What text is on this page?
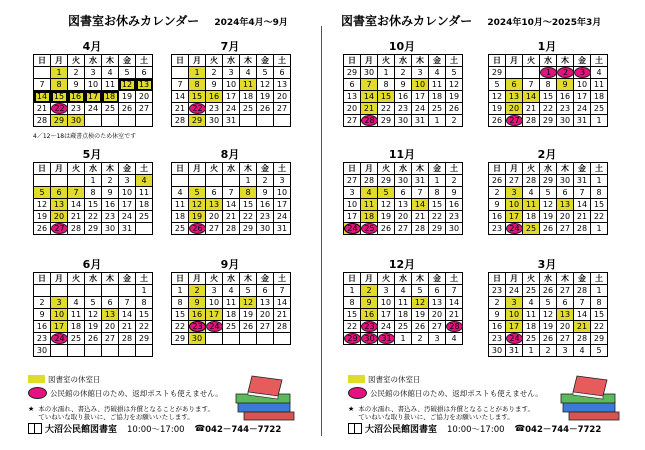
図書室お休みカレンダー 2024年4月～9月
4月
日	月	火	水	木	金	土
	1	2	3	4	5	6
7	8	9	10	11	12	13
14	15	16	17	18	19	20
21	22	23	24	25	26	27
28	29	30				
5月
日	月	火	水	木	金	土
			1	2	3	4
5	6	7	8	9	10	11
12	13	14	15	16	17	18
19	20	21	22	23	24	25
26	27	28	29	30	31	
6月
日	月	火	水	木	金	土
						1
2	3	4	5	6	7	8
9	10	11	12	13	14	15
16	17	18	19	20	21	22
23	24	25	26	27	28	29
30						
7月
日	月	火	水	木	金	土
	1	2	3	4	5	6
7	8	9	10	11	12	13
14	15	16	17	18	19	20
21	22	23	24	25	26	27
28	29	30	31			
8月
日	月	火	水	木	金	土
				1	2	3
4	5	6	7	8	9	10
11	12	13	14	15	16	17
18	19	20	21	22	23	24
25	26	27	28	29	30	31
9月
日	月	火	水	木	金	土
1	2	3	4	5	6	7
8	9	10	11	12	13	14
15	16	17	18	19	20	21
22	23	24	25	26	27	28
29	30					
4／12～18は蔵書点検のため休室です
図書室の休室日
公民館の休館日のため、返却ポストも使えません。
★ 本の水濡れ、書込み、汚破損は弁償となることがあります。
ていねいな取り扱いに、ご協力をお願いいたします。
大沼公民館図書室 10:00～17:00 ☎ 042－744－7722
図書室お休みカレンダー 2024年10月～2025年3月
10月
日	月	火	水	木	金	土
29	30	1	2	3	4	5
6	7	8	9	10	11	12
13	14	15	16	17	18	19
20	21	22	23	24	25	26
27	28	29	30	31	1	2
11月
日	月	火	水	木	金	土
27	28	29	30	31	1	2
3	4	5	6	7	8	9
10	11	12	13	14	15	16
17	18	19	20	21	22	23
24	25	26	27	28	29	30
12月
日	月	火	水	木	金	土
1	2	3	4	5	6	7
8	9	10	11	12	13	14
15	16	17	18	19	20	21
22	23	24	25	26	27	28
29	30	31	1	2	3	4
1月
日	月	火	水	木	金	土
29			1	2	3	4
5	6	7	8	9	10	11
12	13	14	15	16	17	18
19	20	21	22	23	24	25
26	27	28	29	30	31	1
2月
日	月	火	水	木	金	土
26	27	28	29	30	31	1
2	3	4	5	6	7	8
9	10	11	12	13	14	15
16	17	18	19	20	21	22
23	24	25	26	27	28	1
3月
日	月	火	水	木	金	土
23	24	25	26	27	28	1
2	3	4	5	6	7	8
9	10	11	12	13	14	15
16	17	18	19	20	21	22
23	24	25	26	27	28	29
30	31	1	2	3	4	5
図書室の休室日
公民館の休館日のため、返却ポストも使えません。
★ 本の水濡れ、書込み、汚破損は弁償となることがあります。
ていねいな取り扱いに、ご協力をお願いいたします。
大沼公民館図書室 10:00～17:00 ☎ 042－744－7722
